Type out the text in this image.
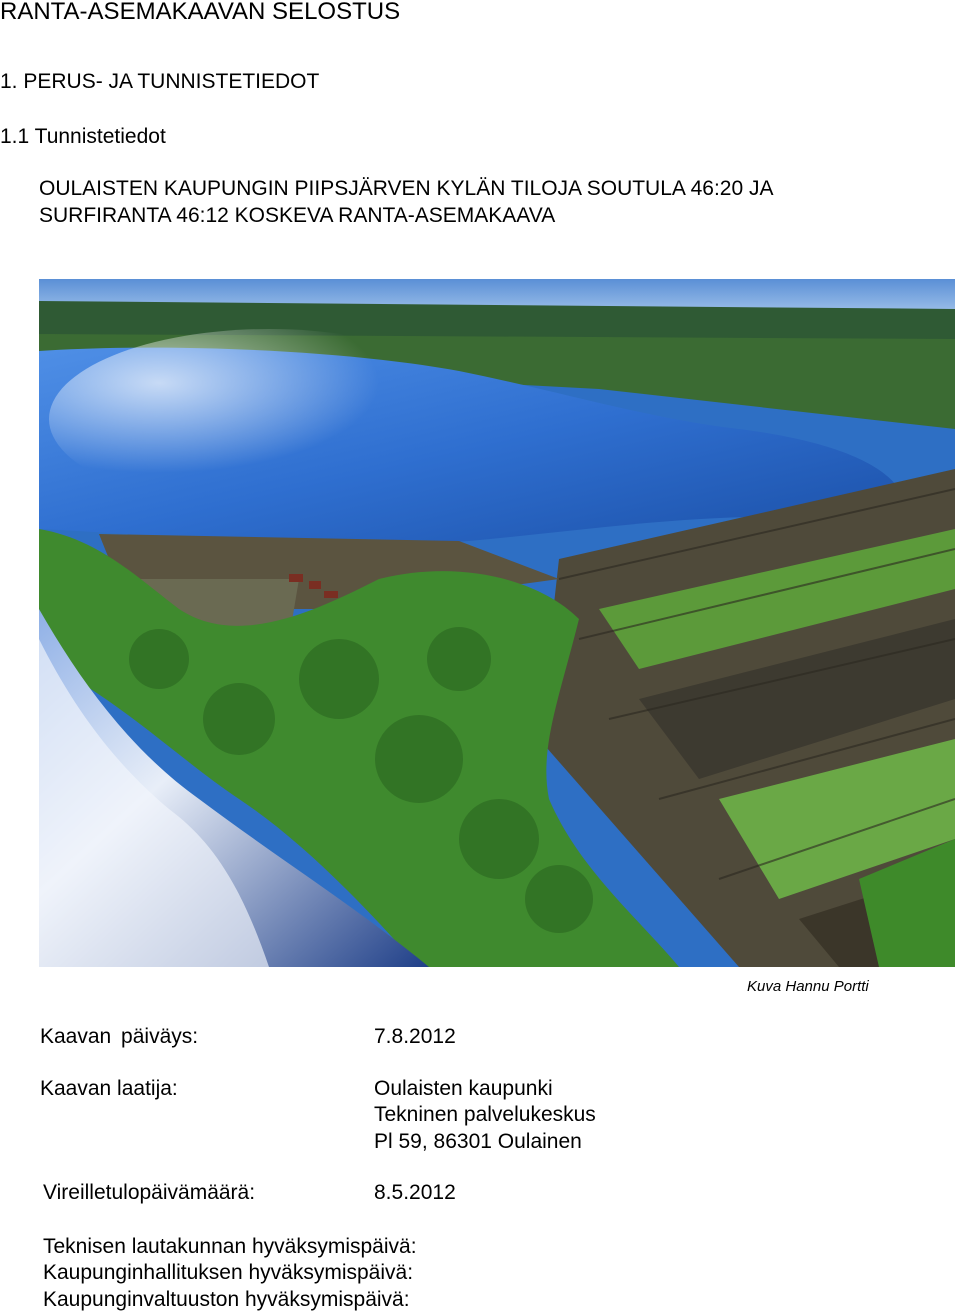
RANTA-ASEMAKAAVAN SELOSTUS
1. PERUS- JA TUNNISTETIEDOT
1.1 Tunnistetiedot
OULAISTEN KAUPUNGIN PIIPSJÄRVEN KYLÄN TILOJA SOUTULA 46:20 JA
SURFIRANTA 46:12 KOSKEVA RANTA-ASEMAKAAVA
Kuva Hannu Portti
Kaavan päiväys:	7.8.2012
Kaavan laatija:	Oulaisten kaupunki
Tekninen palvelukeskus
Pl 59, 86301 Oulainen
Vireilletulopäivämäärä:	8.5.2012
Teknisen lautakunnan hyväksymispäivä:
Kaupunginhallituksen hyväksymispäivä:
Kaupunginvaltuuston hyväksymispäivä:
